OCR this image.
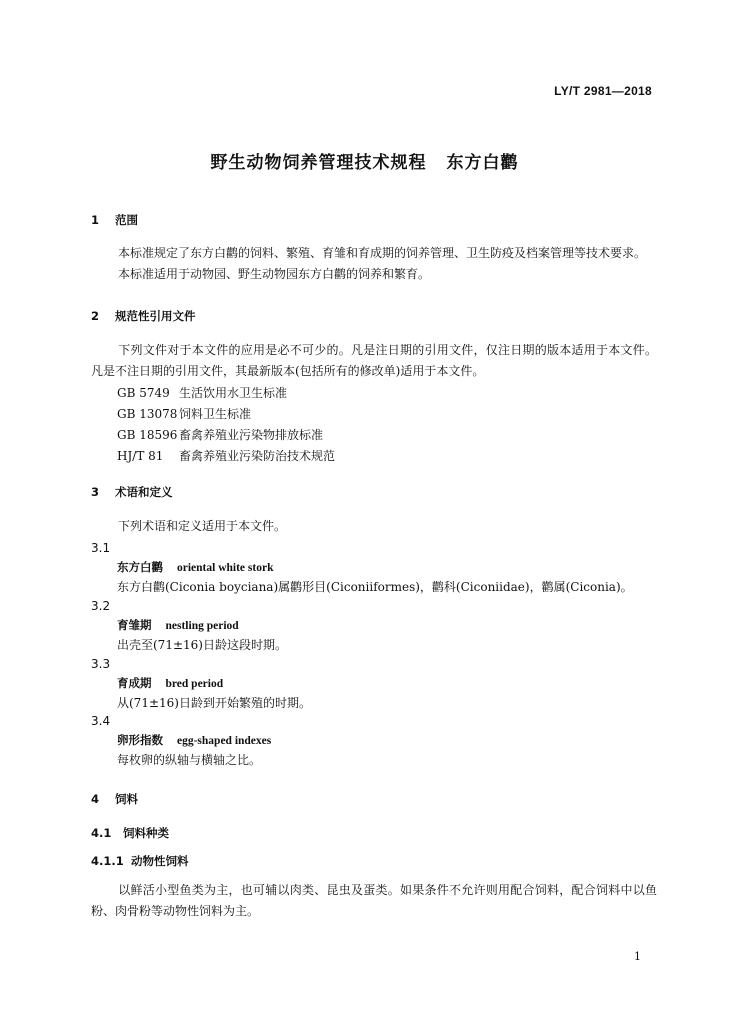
LY/T 2981—2018
野生动物饲养管理技术规程 东方白鹳
1 范围
本标准规定了东方白鹳的饲料、繁殖、育雏和育成期的饲养管理、卫生防疫及档案管理等技术要求。
本标准适用于动物园、野生动物园东方白鹳的饲养和繁育。
2 规范性引用文件
下列文件对于本文件的应用是必不可少的。凡是注日期的引用文件，仅注日期的版本适用于本文件。凡是不注日期的引用文件，其最新版本(包括所有的修改单)适用于本文件。
GB 5749 生活饮用水卫生标准
GB 13078 饲料卫生标准
GB 18596 畜禽养殖业污染物排放标准
HJ/T 81 畜禽养殖业污染防治技术规范
3 术语和定义
下列术语和定义适用于本文件。
3.1
东方白鹳 oriental white stork
东方白鹳(Ciconia boyciana)属鹳形目(Ciconiiformes)，鹳科(Ciconiidae)，鹳属(Ciconia)。
3.2
育雏期 nestling period
出壳至(71±16)日龄这段时期。
3.3
育成期 bred period
从(71±16)日龄到开始繁殖的时期。
3.4
卵形指数 egg-shaped indexes
每枚卵的纵轴与横轴之比。
4 饲料
4.1 饲料种类
4.1.1 动物性饲料
以鲜活小型鱼类为主，也可辅以肉类、昆虫及蛋类。如果条件不允许则用配合饲料，配合饲料中以鱼粉、肉骨粉等动物性饲料为主。
1
